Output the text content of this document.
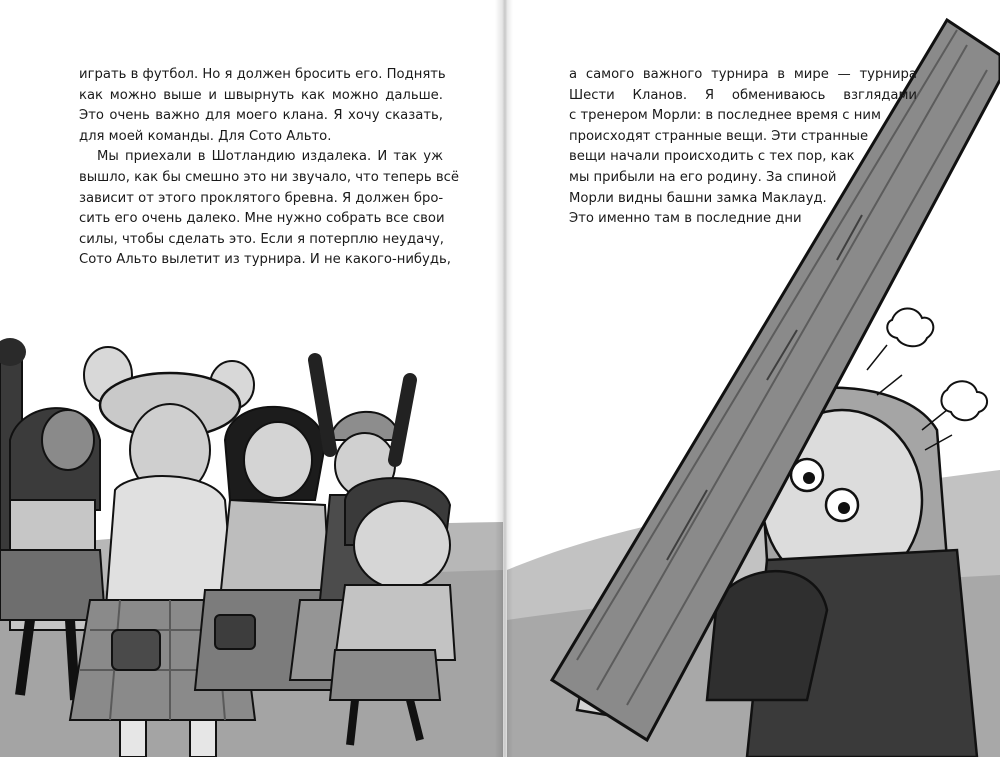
играть в футбол. Но я должен бросить его. Поднять
как можно выше и швырнуть как можно дальше.
Это очень важно для моего клана. Я хочу сказать,
для моей команды. Для Сото Альто.
Мы приехали в Шотландию издалека. И так уж
вышло, как бы смешно это ни звучало, что теперь всё
зависит от этого проклятого бревна. Я должен бро-
сить его очень далеко. Мне нужно собрать все свои
силы, чтобы сделать это. Если я потерплю неудачу,
Сото Альто вылетит из турнира. И не какого-нибудь,
а самого важного турнира в мире — турнира
Шести Кланов. Я обмениваюсь взглядами
с тренером Морли: в последнее время с ним
происходят странные вещи. Эти странные
вещи начали происходить с тех пор, как
мы прибыли на его родину. За спиной
Морли видны башни замка Маклауд.
Это именно там в последние дни
